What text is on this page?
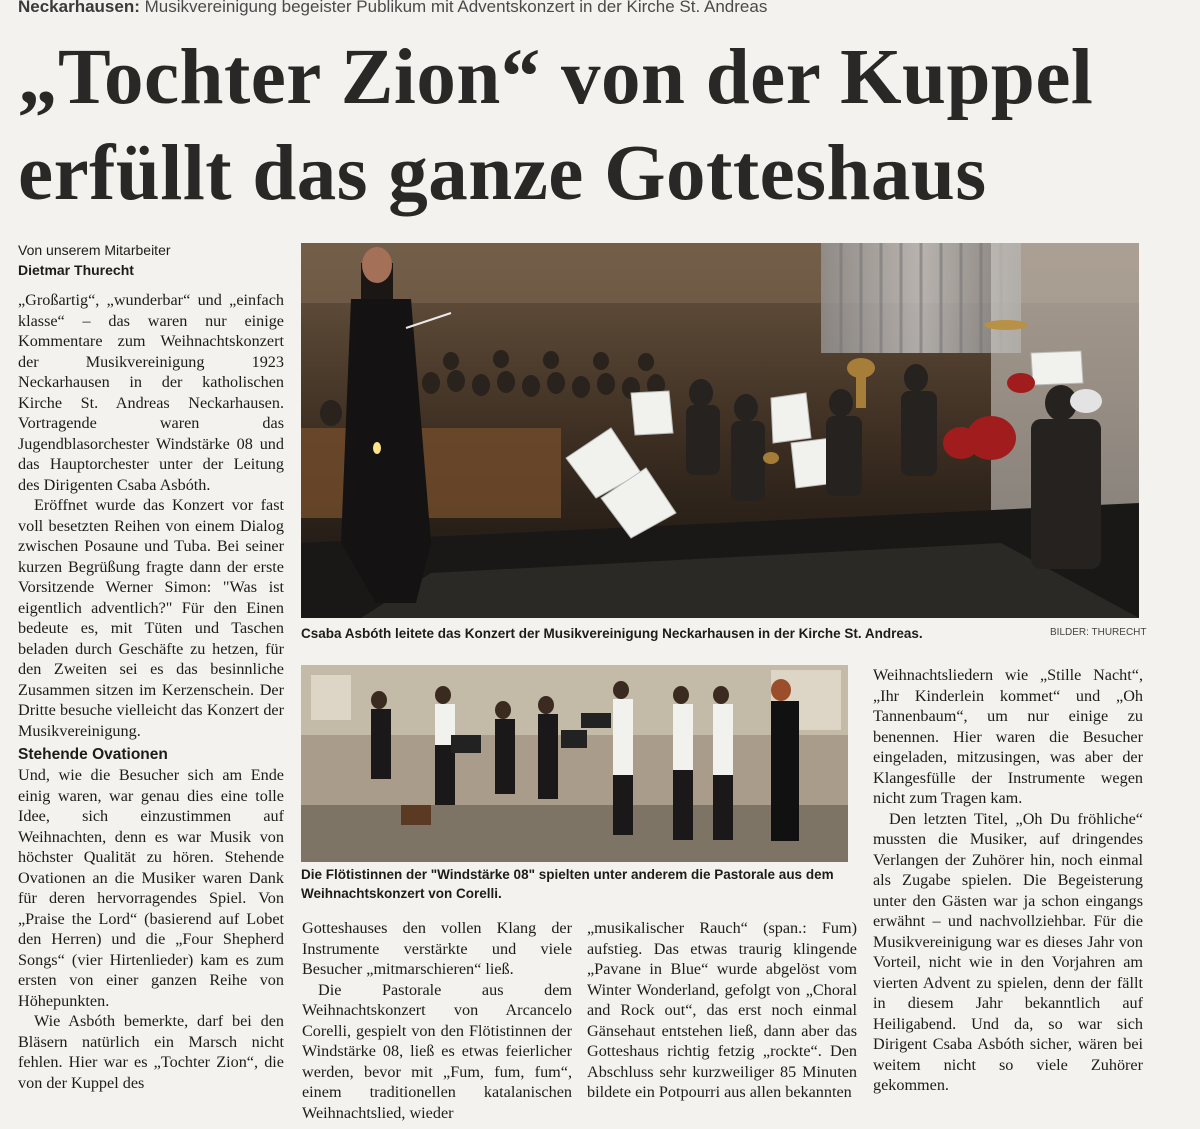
Neckarhausen: Musikvereinigung begeister Publikum mit Adventskonzert in der Kirche St. Andreas
„Tochter Zion“ von der Kuppel
erfüllt das ganze Gotteshaus
Von unserem Mitarbeiter
Dietmar Thurecht

„Großartig“, „wunderbar“ und „einfach klasse“ – das waren nur einige Kommentare zum Weihnachtskonzert der Musikvereinigung 1923 Neckarhausen in der katholischen Kirche St. Andreas Neckarhausen. Vortragende waren das Jugendblasorchester Windstärke 08 und das Hauptorchester unter der Leitung des Dirigenten Csaba Asbóth.

Eröffnet wurde das Konzert vor fast voll besetzten Reihen von einem Dialog zwischen Posaune und Tuba. Bei seiner kurzen Begrüßung fragte dann der erste Vorsitzende Werner Simon: "Was ist eigentlich adventlich?" Für den Einen bedeute es, mit Tüten und Taschen beladen durch Geschäfte zu hetzen, für den Zweiten sei es das besinnliche Zusammen sitzen im Kerzenschein. Der Dritte besuche vielleicht das Konzert der Musikvereinigung.

Stehende Ovationen

Und, wie die Besucher sich am Ende einig waren, war genau dies eine tolle Idee, sich einzustimmen auf Weihnachten, denn es war Musik von höchster Qualität zu hören. Stehende Ovationen an die Musiker waren Dank für deren hervorragendes Spiel. Von „Praise the Lord“ (basierend auf Lobet den Herren) und die „Four Shepherd Songs“ (vier Hirtenlieder) kam es zum ersten von einer ganzen Reihe von Höhepunkten.

Wie Asbóth bemerkte, darf bei den Bläsern natürlich ein Marsch nicht fehlen. Hier war es „Tochter Zion“, die von der Kuppel des

Csaba Asbóth leitete das Konzert der Musikvereinigung Neckarhausen in der Kirche St. Andreas.	BILDER: THURECHT
Die Flötistinnen der "Windstärke 08" spielten unter anderem die Pastorale aus dem Weihnachtskonzert von Corelli.

Gotteshauses den vollen Klang der Instrumente verstärkte und viele Besucher „mitmarschieren“ ließ.

Die Pastorale aus dem Weihnachtskonzert von Arcancelo Corelli, gespielt von den Flötistinnen der Windstärke 08, ließ es etwas feierlicher werden, bevor mit „Fum, fum, fum“, einem traditionellen katalanischen Weihnachtslied, wieder

„musikalischer Rauch“ (span.: Fum) aufstieg. Das etwas traurig klingende „Pavane in Blue“ wurde abgelöst vom Winter Wonderland, gefolgt von „Choral and Rock out“, das erst noch einmal Gänsehaut entstehen ließ, dann aber das Gotteshaus richtig fetzig „rockte“. Den Abschluss sehr kurzweiliger 85 Minuten bildete ein Potpourri aus allen bekannten

Weihnachtsliedern wie „Stille Nacht“, „Ihr Kinderlein kommet“ und „Oh Tannenbaum“, um nur einige zu benennen. Hier waren die Besucher eingeladen, mitzusingen, was aber der Klangesfülle der Instrumente wegen nicht zum Tragen kam.

Den letzten Titel, „Oh Du fröhliche“ mussten die Musiker, auf dringendes Verlangen der Zuhörer hin, noch einmal als Zugabe spielen. Die Begeisterung unter den Gästen war ja schon eingangs erwähnt – und nachvollziehbar. Für die Musikvereinigung war es dieses Jahr von Vorteil, nicht wie in den Vorjahren am vierten Advent zu spielen, denn der fällt in diesem Jahr bekanntlich auf Heiligabend. Und da, so war sich Dirigent Csaba Asbóth sicher, wären bei weitem nicht so viele Zuhörer gekommen.
